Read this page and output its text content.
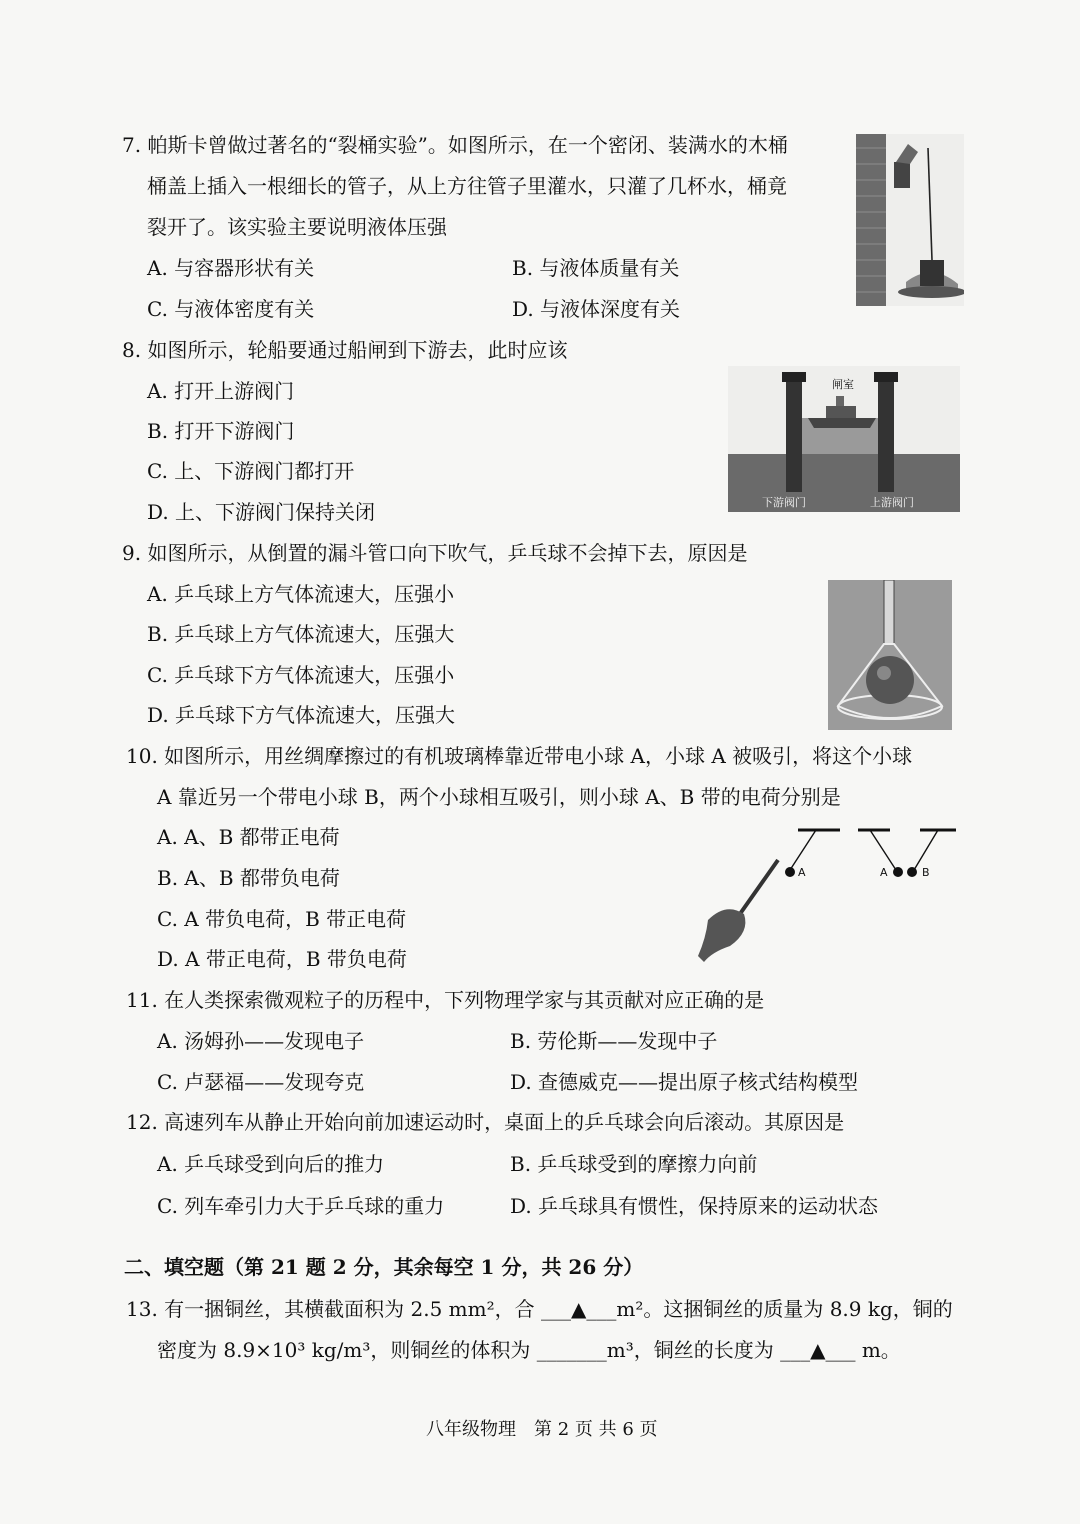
7. 帕斯卡曾做过著名的“裂桶实验”。如图所示，在一个密闭、装满水的木桶
桶盖上插入一根细长的管子，从上方往管子里灌水，只灌了几杯水，桶竟
裂开了。该实验主要说明液体压强
A. 与容器形状有关	B. 与液体质量有关
C. 与液体密度有关	D. 与液体深度有关
8. 如图所示，轮船要通过船闸到下游去，此时应该
A. 打开上游阀门
B. 打开下游阀门
C. 上、下游阀门都打开
D. 上、下游阀门保持关闭
闸室
下游阀门	上游阀门
9. 如图所示，从倒置的漏斗管口向下吹气，乒乓球不会掉下去，原因是
A. 乒乓球上方气体流速大，压强小
B. 乒乓球上方气体流速大，压强大
C. 乒乓球下方气体流速大，压强小
D. 乒乓球下方气体流速大，压强大
10. 如图所示，用丝绸摩擦过的有机玻璃棒靠近带电小球 A，小球 A 被吸引，将这个小球
A 靠近另一个带电小球 B，两个小球相互吸引，则小球 A、B 带的电荷分别是
A. A、B 都带正电荷
B. A、B 都带负电荷
C. A 带负电荷，B 带正电荷
D. A 带正电荷，B 带负电荷
A	A	B
11. 在人类探索微观粒子的历程中，下列物理学家与其贡献对应正确的是
A. 汤姆孙——发现电子	B. 劳伦斯——发现中子
C. 卢瑟福——发现夸克	D. 查德威克——提出原子核式结构模型
12. 高速列车从静止开始向前加速运动时，桌面上的乒乓球会向后滚动。其原因是
A. 乒乓球受到向后的推力	B. 乒乓球受到的摩擦力向前
C. 列车牵引力大于乒乓球的重力	D. 乒乓球具有惯性，保持原来的运动状态
二、填空题（第 21 题 2 分，其余每空 1 分，共 26 分）
13. 有一捆铜丝，其横截面积为 2.5 mm²，合 ___▲___m²。这捆铜丝的质量为 8.9 kg，铜的
密度为 8.9×10³ kg/m³，则铜丝的体积为 _______m³，铜丝的长度为 ___▲___ m。
八年级物理　第 2 页 共 6 页
